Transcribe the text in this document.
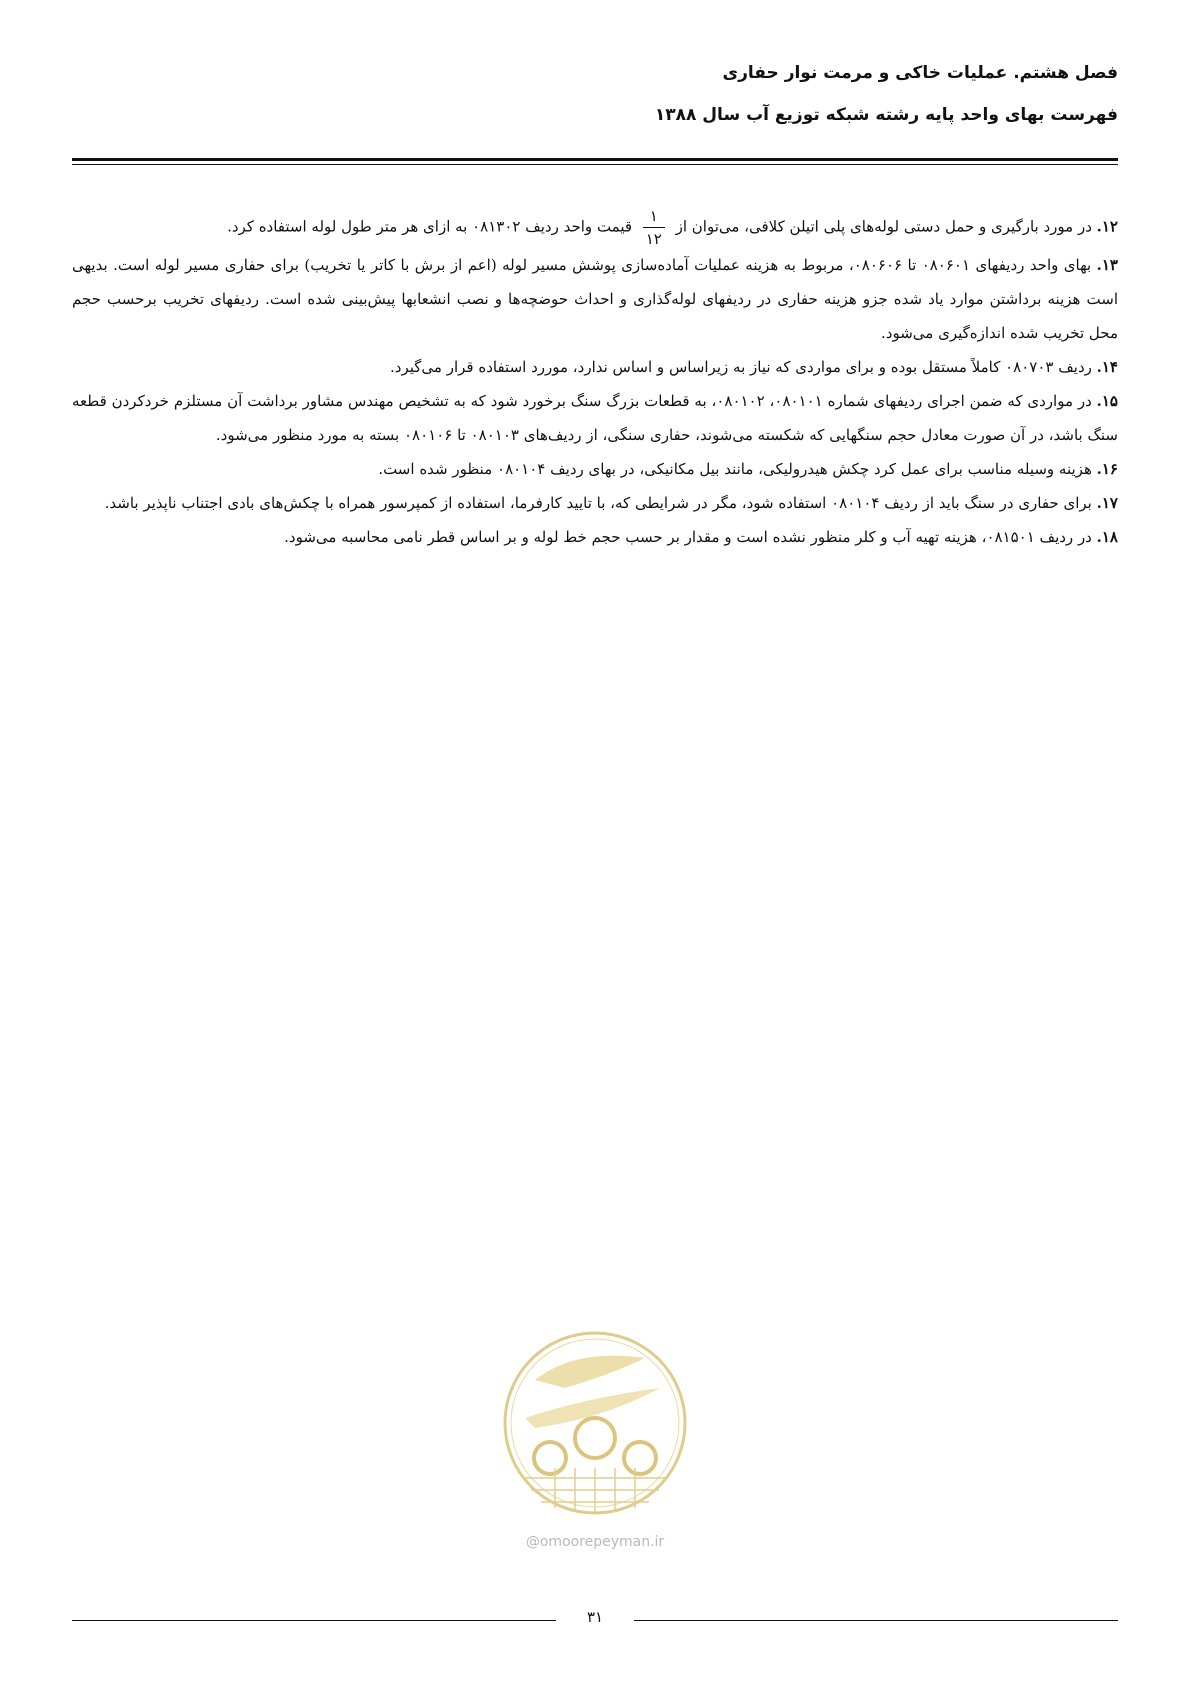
فصل هشتم. عملیات خاکی و مرمت نوار حفاری
فهرست بهای واحد پایه رشته شبکه توزیع آب سال ۱۳۸۸

۱۲. در مورد بارگیری و حمل دستی لوله‌های پلی اتیلن کلافی، می‌توان از
$\frac{۱}{۱۲}$
قیمت واحد ردیف ۰۸۱۳۰۲ به ازای هر متر طول لوله استفاده کرد.

۱۳. بهای واحد ردیفهای ۰۸۰۶۰۱ تا ۰۸۰۶۰۶، مربوط به هزینه عملیات آماده‌سازی پوشش مسیر لوله (اعم از برش با کاتر یا تخریب) برای حفاری مسیر لوله است. بدیهی است هزینه برداشتن موارد یاد شده جزو هزینه حفاری در ردیفهای لوله‌گذاری و احداث حوضچه‌ها و نصب انشعابها پیش‌بینی شده است. ردیفهای تخریب برحسب حجم محل تخریب شده اندازه‌گیری می‌شود.

۱۴. ردیف ۰۸۰۷۰۳ کاملاً مستقل بوده و برای مواردی که نیاز به زیراساس و اساس ندارد، موررد استفاده قرار می‌گیرد.

۱۵. در مواردی که ضمن اجرای ردیفهای شماره ۰۸۰۱۰۱، ۰۸۰۱۰۲، به قطعات بزرگ سنگ برخورد شود که به تشخیص مهندس مشاور برداشت آن مستلزم خردکردن قطعه سنگ باشد، در آن صورت معادل حجم سنگهایی که شکسته می‌شوند، حفاری سنگی، از ردیف‌های ۰۸۰۱۰۳ تا ۰۸۰۱۰۶ بسته به مورد منظور می‌شود.

۱۶. هزینه وسیله مناسب برای عمل کرد چکش هیدرولیکی، مانند بیل مکانیکی، در بهای ردیف ۰۸۰۱۰۴ منظور شده است.

۱۷. برای حفاری در سنگ باید از ردیف ۰۸۰۱۰۴ استفاده شود، مگر در شرایطی که، با تایید کارفرما، استفاده از کمپرسور همراه با چکش‌های بادی اجتناب ناپذیر باشد.

۱۸. در ردیف ۰۸۱۵۰۱، هزینه تهیه آب و کلر منظور نشده است و مقدار بر حسب حجم خط لوله و بر اساس قطر نامی محاسبه می‌شود.

@omoorepeyman.ir
۳۱
